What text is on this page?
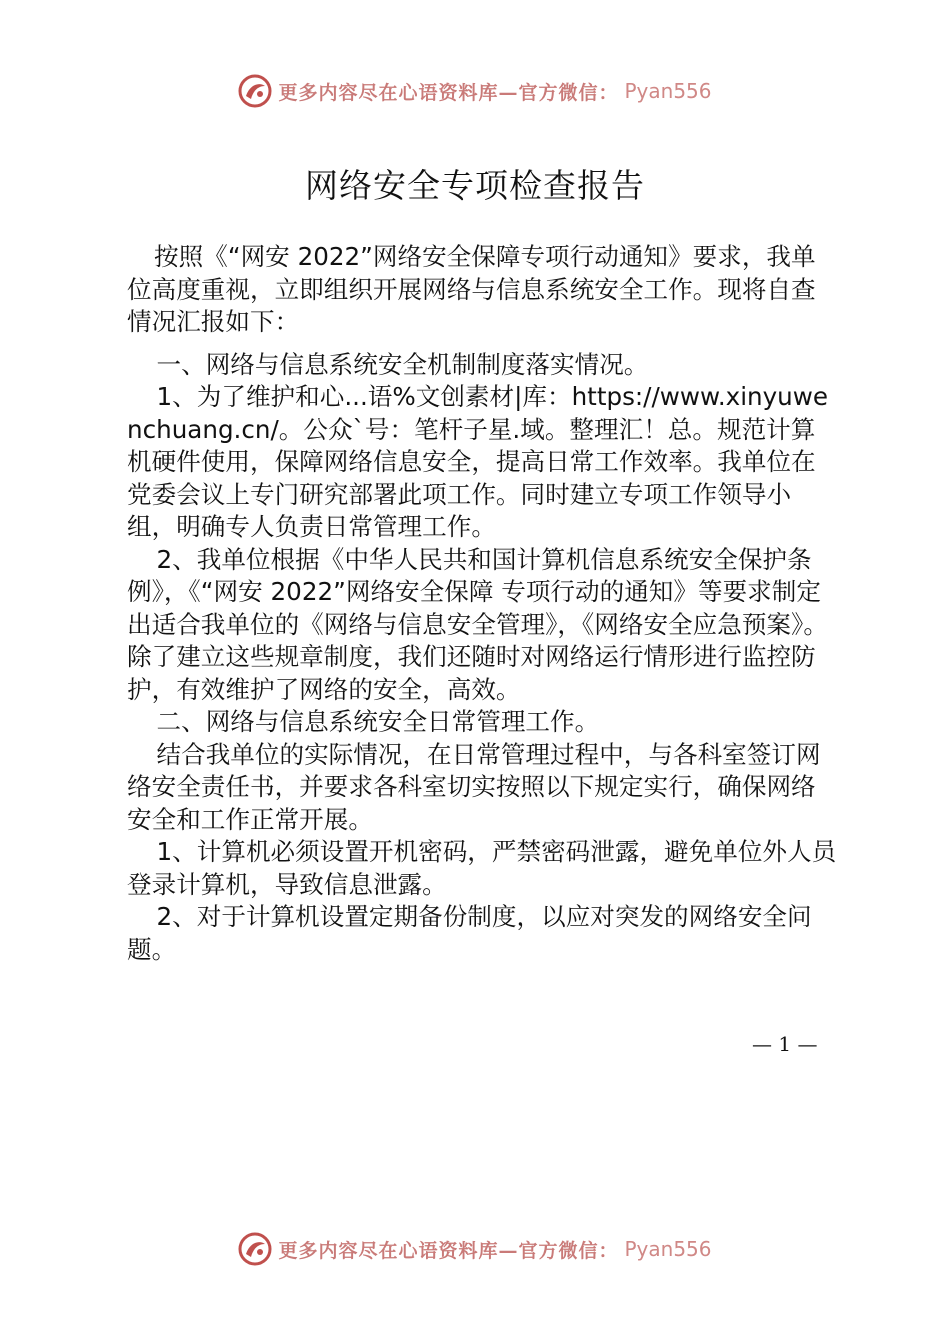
更多内容尽在心语资料库—官方微信： Pyan556
网络安全专项检查报告

按照《“网安 2022”网络安全保障专项行动通知》要求，我单位高度重视，立即组织开展网络与信息系统安全工作。现将自查情况汇报如下：

一、网络与信息系统安全机制制度落实情况。

1、为了维护和心...语%文创素材|库：https://www.xinyuwenchuang.cn/。公众`号：笔杆子星.域。整理汇！总。规范计算机硬件使用，保障网络信息安全，提高日常工作效率。我单位在党委会议上专门研究部署此项工作。同时建立专项工作领导小组，明确专人负责日常管理工作。

2、我单位根据《中华人民共和国计算机信息系统安全保护条例》，《“网安 2022”网络安全保障 专项行动的通知》等要求制定出适合我单位的《网络与信息安全管理》，《网络安全应急预案》。除了建立这些规章制度，我们还随时对网络运行情形进行监控防护，有效维护了网络的安全，高效。

二、网络与信息系统安全日常管理工作。

结合我单位的实际情况，在日常管理过程中，与各科室签订网络安全责任书，并要求各科室切实按照以下规定实行，确保网络安全和工作正常开展。

1、计算机必须设置开机密码，严禁密码泄露，避免单位外人员登录计算机，导致信息泄露。

2、对于计算机设置定期备份制度，以应对突发的网络安全问题。

— 1 —
更多内容尽在心语资料库—官方微信： Pyan556
